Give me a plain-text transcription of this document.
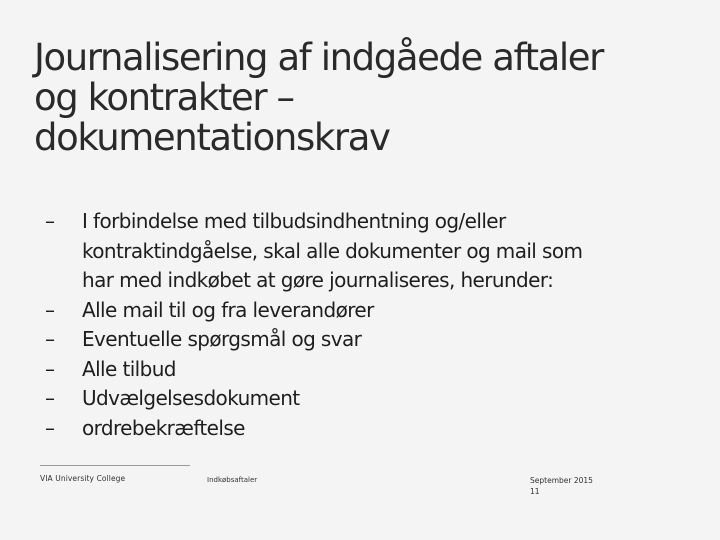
Journalisering af indgåede aftaler
og kontrakter –
dokumentationskrav
– I forbindelse med tilbudsindhentning og/eller kontraktindgåelse, skal alle dokumenter og mail som har med indkøbet at gøre journaliseres, herunder:
– Alle mail til og fra leverandører
– Eventuelle spørgsmål og svar
– Alle tilbud
– Udvælgelsesdokument
– ordrebekræftelse
VIA University College	Indkøbsaftaler	September 2015
11
